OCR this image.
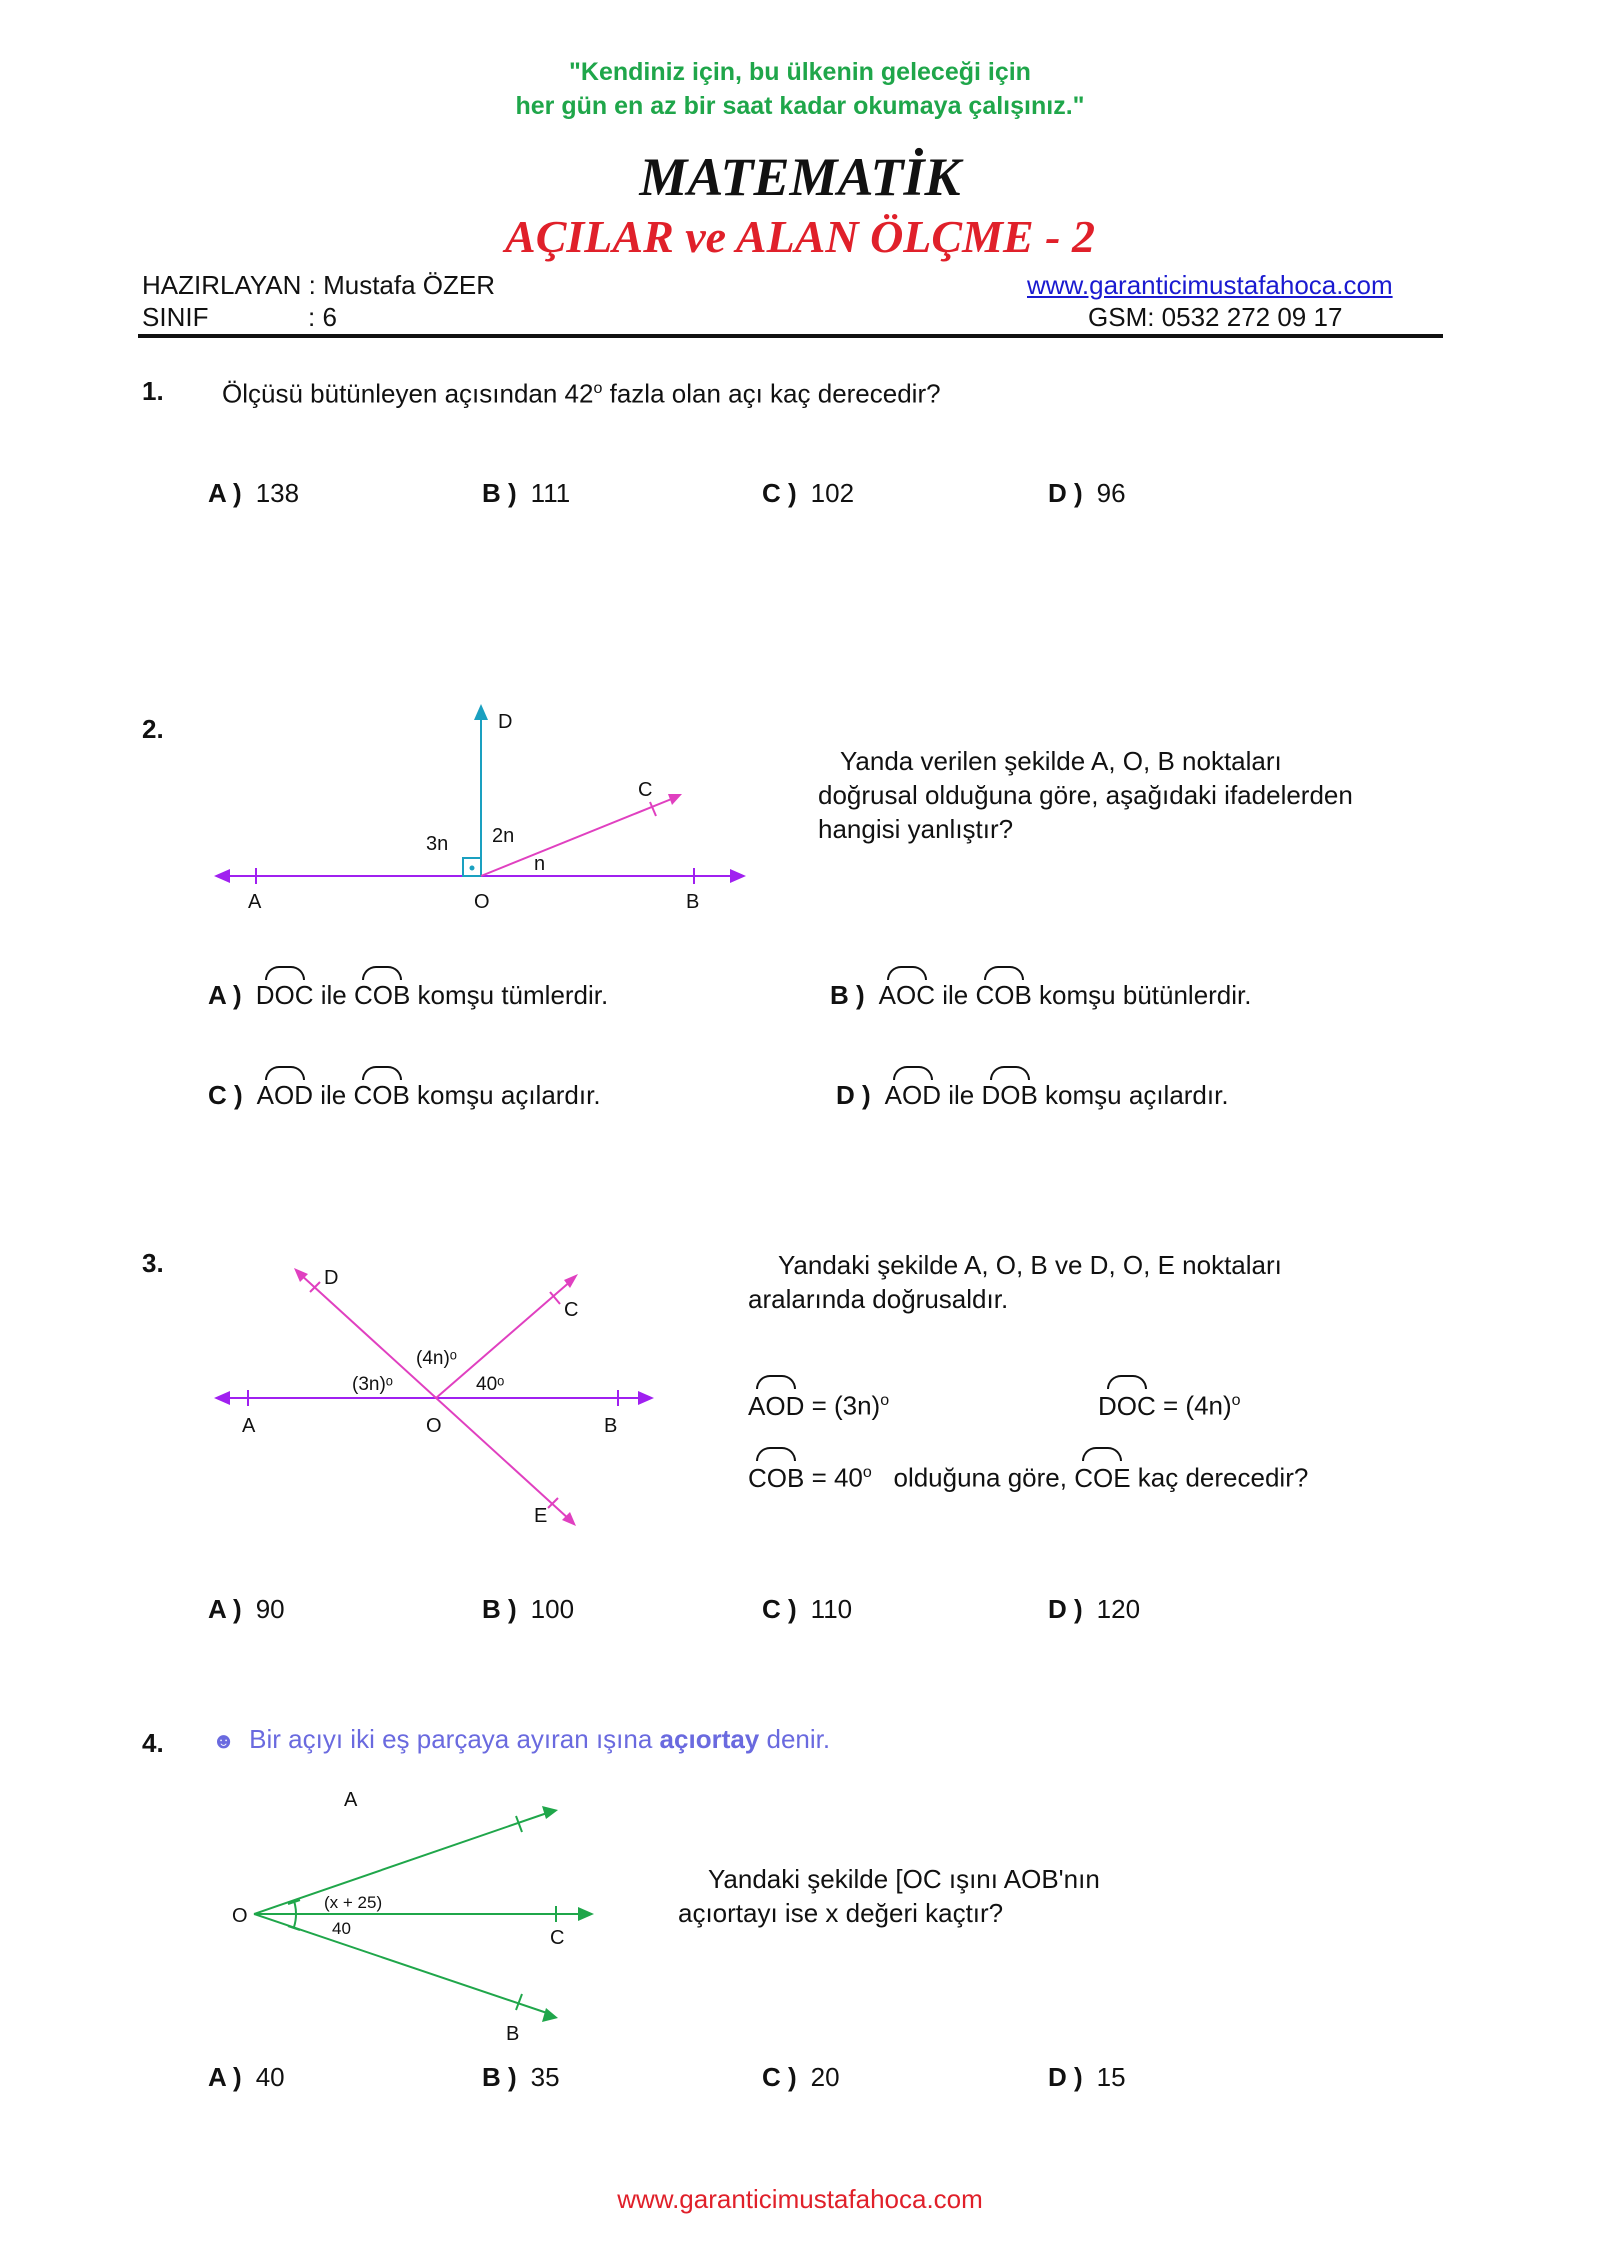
"Kendiniz için, bu ülkenin geleceği için
her gün en az bir saat kadar okumaya çalışınız."
MATEMATİK
AÇILAR ve ALAN ÖLÇME - 2
HAZIRLAYAN : Mustafa ÖZER
SINIF	: 6
www.garanticimustafahoca.com
GSM: 0532 272 09 17
1. Ölçüsü bütünleyen açısından 42$^o$ fazla olan açı kaç derecedir?
A ) 138	B ) 111	C ) 102	D ) 96
2.	D
C
A	O	B
3n 2n
n
Yanda verilen şekilde A, O, B noktaları
doğrusal olduğuna göre, aşağıdaki ifadelerden
hangisi yanlıştır?
A ) DOC ile COB komşu tümlerdir.	B ) AOC ile COB komşu bütünlerdir.
C ) AOD ile COB komşu açılardır.	D ) AOD ile DOB komşu açılardır.
3.	D
C
A	O	B
E
(4n)ᵒ
(3n)ᵒ	40ᵒ
Yandaki şekilde A, O, B ve D, O, E noktaları
aralarında doğrusaldır.
AOD = $(3n)^o$	DOC = $(4n)^o$
COB = $40^o$   olduğuna göre, COE kaç derecedir?
A ) 90	B ) 100	C ) 110	D ) 120
4. ☻ Bir açıyı iki eş parçaya ayıran ışına açıortay denir.
A
O
C
B
(x + 25)
40
Yandaki şekilde [OC ışını AOB'nın
açıortayı ise x değeri kaçtır?
A ) 40	B ) 35	C ) 20	D ) 15
www.garanticimustafahoca.com
